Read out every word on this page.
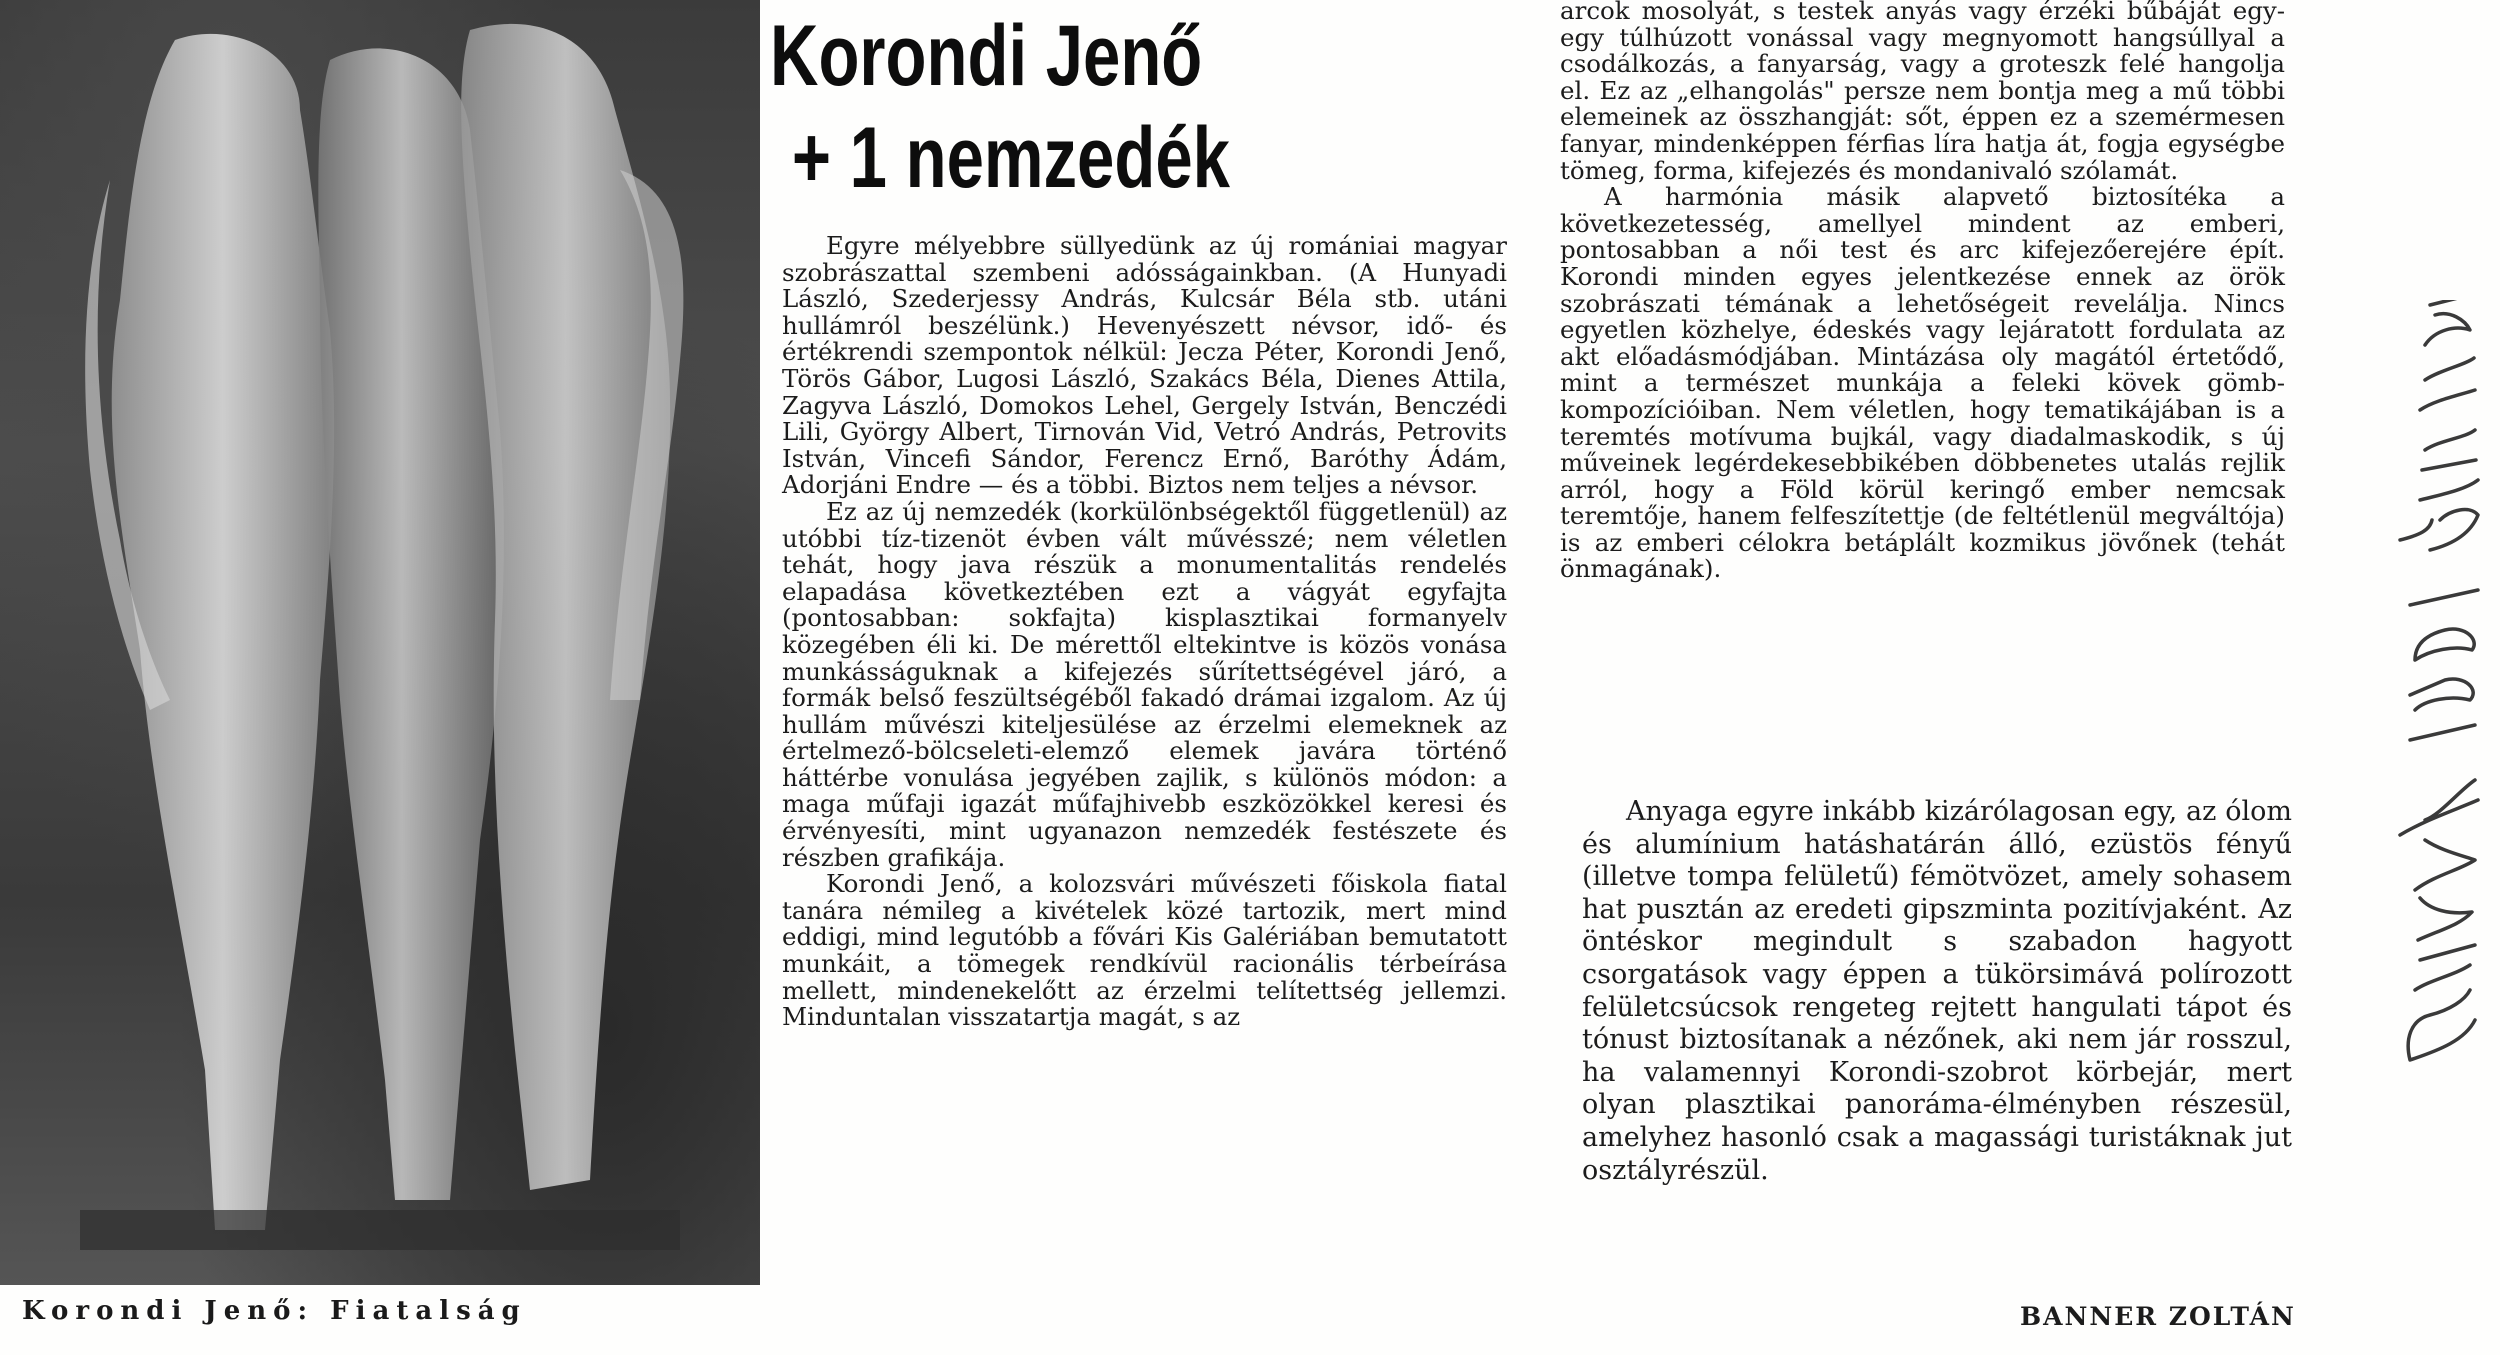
Korondi Jenő: Fiatalság
Korondi Jenő
+ 1 nemzedék

Egyre mélyebbre süllyedünk az új romániai magyar szobrászattal szembeni adósságainkban. (A Hunyadi László, Szederjessy András, Kulcsár Béla stb. utáni hullámról beszélünk.) Hevenyészett névsor, idő- és értékrendi szempontok nélkül: Jecza Péter, Korondi Jenő, Törös Gábor, Lugosi László, Szakács Béla, Dienes Attila, Zagyva László, Domokos Lehel, Gergely István, Benczédi Lili, György Albert, Tirnován Vid, Vetró András, Petrovits István, Vincefi Sándor, Ferencz Ernő, Baróthy Ádám, Adorjáni Endre — és a többi. Biztos nem teljes a névsor.

Ez az új nemzedék (korkülönbségektől függetlenül) az utóbbi tíz-tizenöt évben vált művésszé; nem véletlen tehát, hogy java részük a monumentalitás rendelés elapadása következtében ezt a vágyát egyfajta (pontosabban: sokfajta) kisplasztikai formanyelv közegében éli ki. De mérettől eltekintve is közös vonása munkásságuknak a kifejezés sűrítettségével járó, a formák belső feszültségéből fakadó drámai izgalom. Az új hullám művészi kiteljesülése az érzelmi elemeknek az értelmező-bölcseleti-elemző elemek javára történő háttérbe vonulása jegyében zajlik, s különös módon: a maga műfaji igazát műfajhivebb eszközökkel keresi és érvényesíti, mint ugyanazon nemzedék festészete és részben grafikája.

Korondi Jenő, a kolozsvári művészeti főiskola fiatal tanára némileg a kivételek közé tartozik, mert mind eddigi, mind legutóbb a fővári Kis Galériában bemutatott munkáit, a tömegek rendkívül racionális térbeírása mellett, mindenekelőtt az érzelmi telítettség jellemzi. Minduntalan visszatartja magát, s az

arcok mosolyát, s testek anyás vagy érzéki bűbáját egy-egy túlhúzott vonással vagy megnyomott hangsúllyal a csodálkozás, a fanyarság, vagy a groteszk felé hangolja el. Ez az „elhangolás" persze nem bontja meg a mű többi elemeinek az összhangját: sőt, éppen ez a szemérmesen fanyar, mindenképpen férfias líra hatja át, fogja egységbe tömeg, forma, kifejezés és mondanivaló szólamát.

A harmónia másik alapvető biztosítéka a következetesség, amellyel mindent az emberi, pontosabban a női test és arc kifejezőerejére épít. Korondi minden egyes jelentkezése ennek az örök szobrászati témának a lehetőségeit revelálja. Nincs egyetlen közhelye, édeskés vagy lejáratott fordulata az akt előadásmódjában. Mintázása oly magától értetődő, mint a természet munkája a feleki kövek gömb-kompozícióiban. Nem véletlen, hogy tematikájában is a teremtés motívuma bujkál, vagy diadalmaskodik, s új műveinek legérdekesebbikében döbbenetes utalás rejlik arról, hogy a Föld körül keringő ember nemcsak teremtője, hanem felfeszítettje (de feltétlenül megváltója) is az emberi célokra betáplált kozmikus jövőnek (tehát önmagának).

Anyaga egyre inkább kizárólagosan egy, az ólom és alumínium hatáshatárán álló, ezüstös fényű (illetve tompa felületű) fémötvözet, amely sohasem hat pusztán az eredeti gipszminta pozitívjaként. Az öntéskor megindult s szabadon hagyott csorgatások vagy éppen a tükörsimává polírozott felületcsúcsok rengeteg rejtett hangulati tápot és tónust biztosítanak a nézőnek, aki nem jár rosszul, ha valamennyi Korondi-szobrot körbejár, mert olyan plasztikai panoráma-élményben részesül, amelyhez hasonló csak a magassági turistáknak jut osztályrészül.

BANNER ZOLTÁN
